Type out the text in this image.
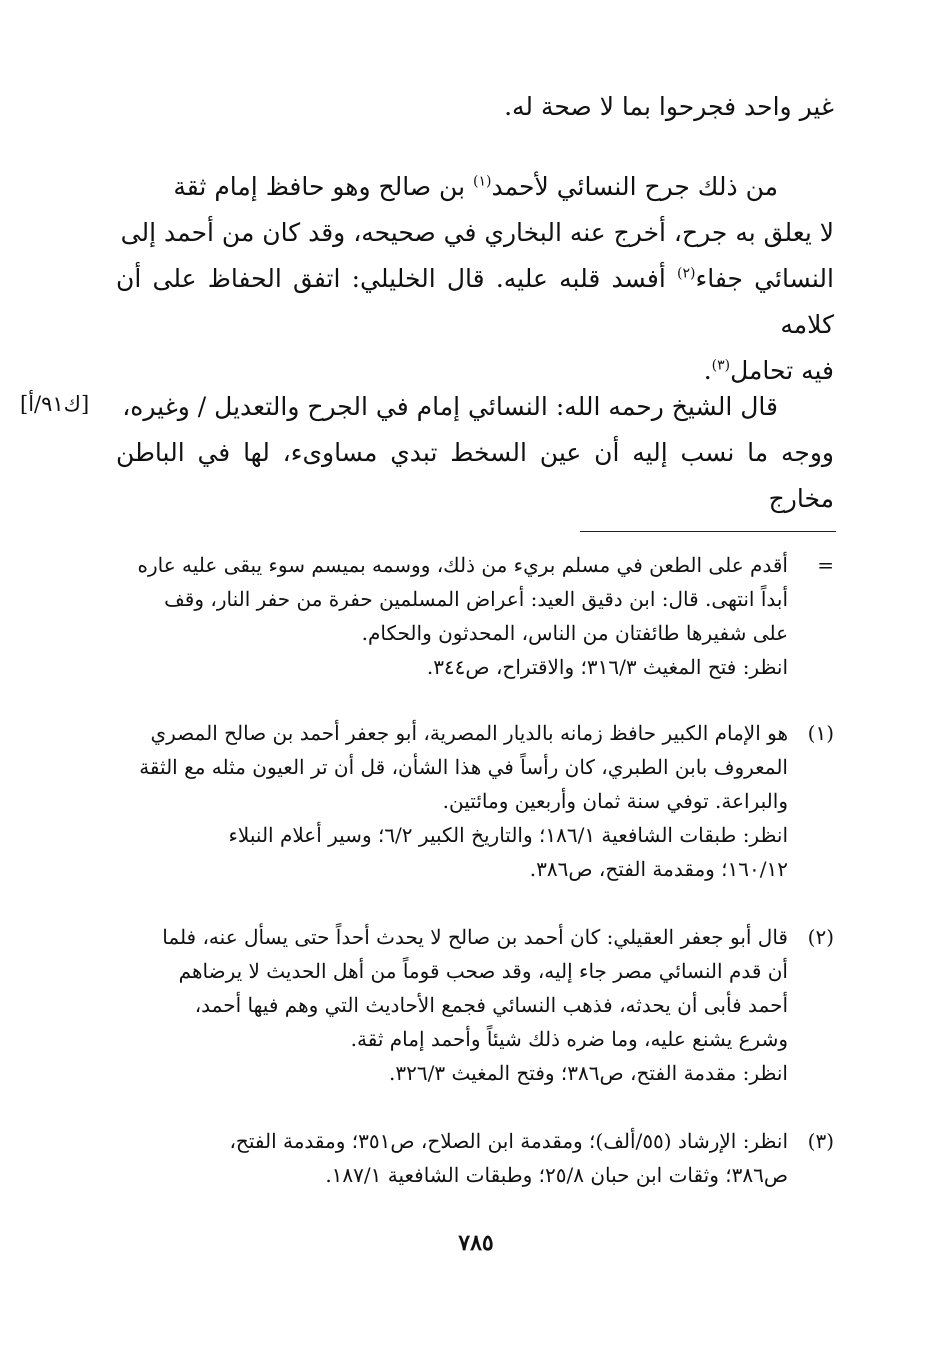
غير واحد فجرحوا بما لا صحة له.
من ذلك جرح النسائي لأحمد$^{(١)}$ بن صالح وهو حافظ إمام ثقة
لا يعلق به جرح، أخرج عنه البخاري في صحيحه، وقد كان من أحمد إلى
النسائي جفاء$^{(٢)}$ أفسد قلبه عليه. قال الخليلي: اتفق الحفاظ على أن كلامه
فيه تحامل$^{(٣)}$.
قال الشيخ رحمه الله: النسائي إمام في الجرح والتعديل / وغيره،
ووجه ما نسب إليه أن عين السخط تبدي مساوىء، لها في الباطن مخارج
[ك٩١/أ]
=
أقدم على الطعن في مسلم بريء من ذلك، ووسمه بميسم سوء يبقى عليه عاره
أبداً انتهى. قال: ابن دقيق العيد: أعراض المسلمين حفرة من حفر النار، وقف
على شفيرها طائفتان من الناس، المحدثون والحكام.
انظر: فتح المغيث ٣١٦/٣؛ والاقتراح، ص٣٤٤.
(١)
هو الإمام الكبير حافظ زمانه بالديار المصرية، أبو جعفر أحمد بن صالح المصري
المعروف بابن الطبري، كان رأساً في هذا الشأن، قل أن تر العيون مثله مع الثقة
والبراعة. توفي سنة ثمان وأربعين ومائتين.
انظر: طبقات الشافعية ١٨٦/١؛ والتاريخ الكبير ٦/٢؛ وسير أعلام النبلاء
١٦٠/١٢؛ ومقدمة الفتح، ص٣٨٦.
(٢)
قال أبو جعفر العقيلي: كان أحمد بن صالح لا يحدث أحداً حتى يسأل عنه، فلما
أن قدم النسائي مصر جاء إليه، وقد صحب قوماً من أهل الحديث لا يرضاهم
أحمد فأبى أن يحدثه، فذهب النسائي فجمع الأحاديث التي وهم فيها أحمد،
وشرع يشنع عليه، وما ضره ذلك شيئاً وأحمد إمام ثقة.
انظر: مقدمة الفتح، ص٣٨٦؛ وفتح المغيث ٣٢٦/٣.
(٣)
انظر: الإرشاد (٥٥/ألف)؛ ومقدمة ابن الصلاح، ص٣٥١؛ ومقدمة الفتح،
ص٣٨٦؛ وثقات ابن حبان ٢٥/٨؛ وطبقات الشافعية ١٨٧/١.
٧٨٥
